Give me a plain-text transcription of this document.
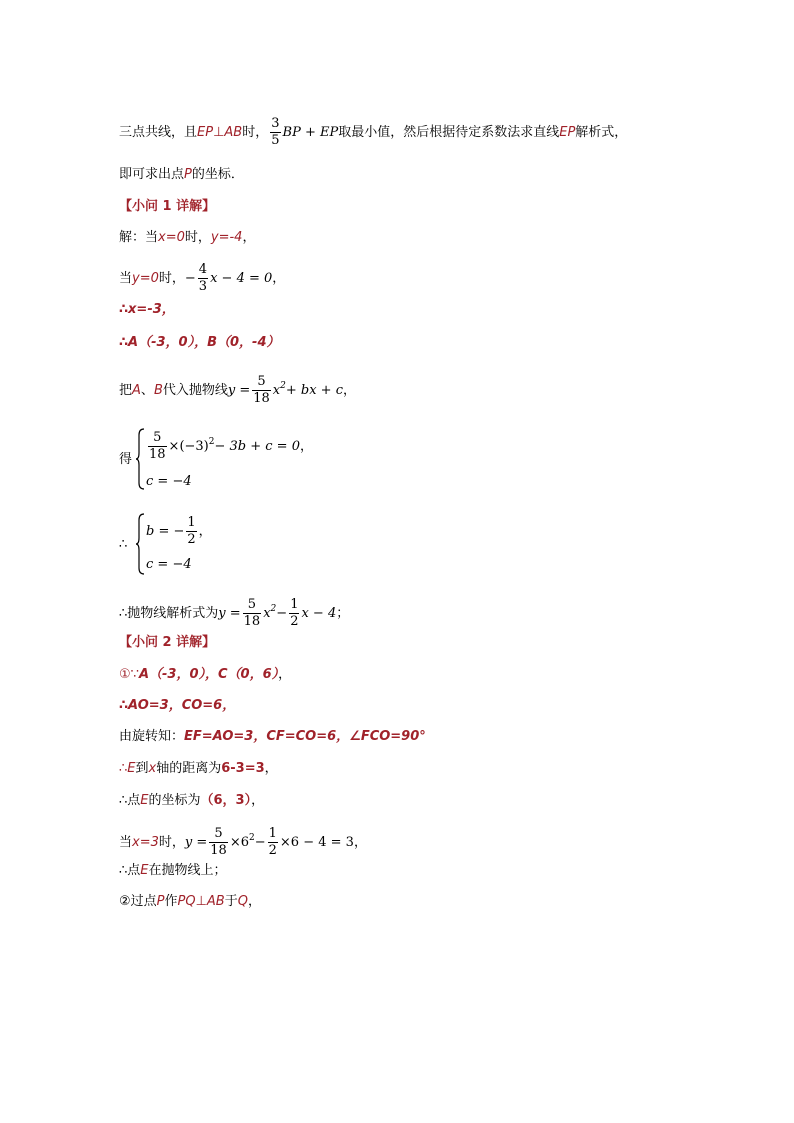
三点共线，且EP⊥AB时， $\frac{3}{5}$ BP + EP取最小值，然后根据待定系数法求直线EP解析式，
即可求出点P的坐标．
【小问 1 详解】
解：当x=0时，y=-4，
当y=0时，− $\frac{4}{3}$ x − 4 = 0，
∴x=-3，
∴A（-3，0），B（0，-4）
把A、B代入抛物线$y = \frac{5}{18} x^2+$ bx + c，
得 $\frac{5}{18} \times(-3)^2- 3b + c = 0$，
c = −4
∴
b = − $\frac{1}{2}$ ，
c = −4
∴抛物线解析式为$y = \frac{5}{18} x^2- \frac{1}{2}$ x − 4；
【小问 2 详解】
①∵A（-3，0），C（0，6），
∴AO=3，CO=6，
由旋转知：EF=AO=3，CF=CO=6，∠FCO=90°
∴E到x轴的距离为6-3=3，
∴点E的坐标为（6，3），
当x=3时，$y = \frac{5}{18} \times 6^2- \frac{1}{2} \times 6 - 4 = 3$，
∴点E在抛物线上；
②过点P作PQ⊥AB于Q，
